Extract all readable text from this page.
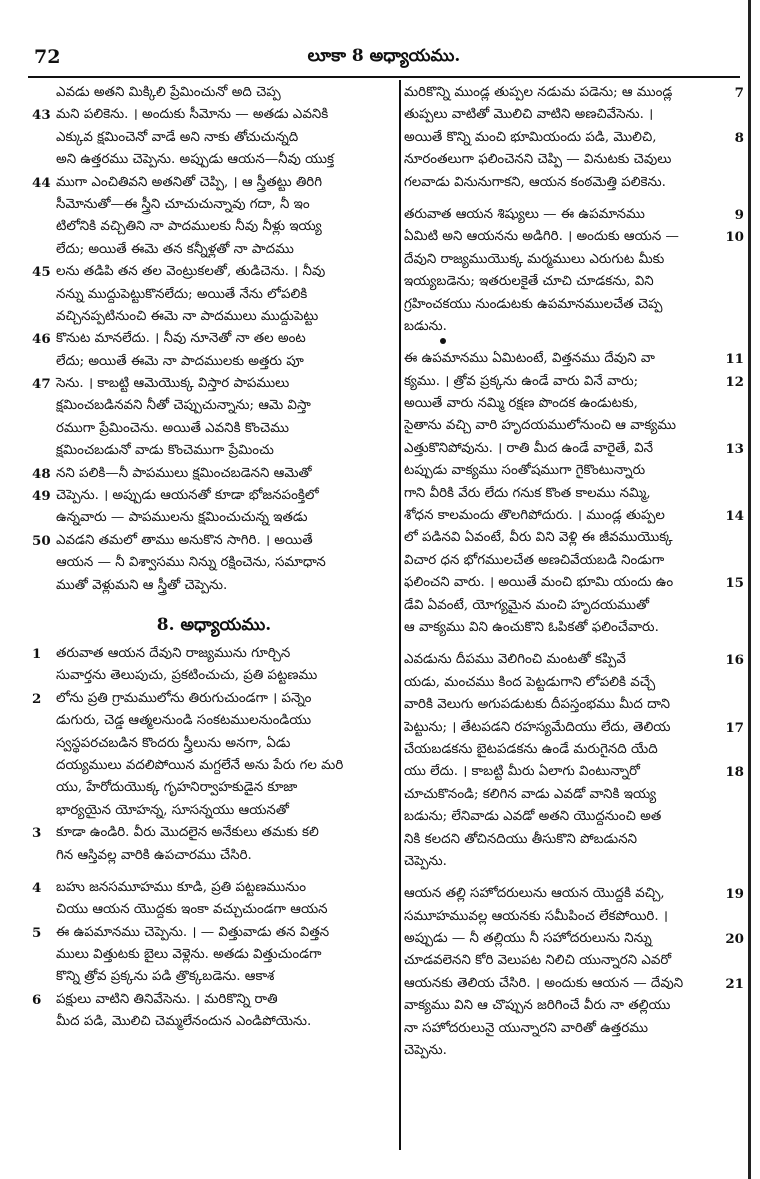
72	లూకా 8 అధ్యాయము.
ఎవడు అతని మిక్కిలి ప్రేమించునో అది చెప్ప
43 మని పలికెను. । అందుకు సీమోను — అతడు ఎవనికి
ఎక్కువ క్షమించెనో వాడే అని నాకు తోచుచున్నది
అని ఉత్తరము చెప్పెను. అప్పుడు ఆయన—నీవు యుక్త
44 ముగా ఎంచితివని అతనితో చెప్పి, । ఆ స్త్రీతట్టు తిరిగి
సీమోనుతో—ఈ స్త్రీని చూచుచున్నావు గదా, నీ ఇం
టిలోనికి వచ్చితిని నా పాదములకు నీవు నీళ్లు ఇయ్య
లేదు; అయితే ఈమె తన కన్నీళ్లతో నా పాదము
45 లను తడిపి తన తల వెంట్రుకలతో, తుడిచెను. । నీవు
నన్ను ముద్దుపెట్టుకొనలేదు; అయితే నేను లోపలికి
వచ్చినప్పటినుంచి ఈమె నా పాదములు ముద్దుపెట్టు
46 కొనుట మానలేదు. । నీవు నూనెతో నా తల అంట
లేదు; అయితే ఈమె నా పాదములకు అత్తరు పూ
47 సెను. । కాబట్టి ఆమెయొక్క విస్తార పాపములు
క్షమించబడినవని నీతో చెప్పుచున్నాను; ఆమె విస్తా
రముగా ప్రేమించెను. అయితే ఎవనికి కొంచెము
క్షమించబడునో వాడు కొంచెముగా ప్రేమించు
48 నని పలికి—నీ పాపములు క్షమించబడెనని ఆమెతో
49 చెప్పెను. । అప్పుడు ఆయనతో కూడా భోజనపంక్తిలో
ఉన్నవారు — పాపములను క్షమించుచున్న ఇతడు
50 ఎవడని తమలో తాము అనుకొన సాగిరి. । అయితే
ఆయన — నీ విశ్వాసము నిన్ను రక్షించెను, సమాధాన
ముతో వెళ్లుమని ఆ స్త్రీతో చెప్పెను.
8. అధ్యాయము.
1	తరువాత ఆయన దేవుని రాజ్యమును గూర్చిన
సువార్తను తెలుపుచు, ప్రకటించుచు, ప్రతి పట్టణము
2	లోను ప్రతి గ్రామములోను తిరుగుచుండగా । పన్నెం
డుగురు, చెడ్డ ఆత్మలనుండి సంకటములనుండియు
స్వస్థపరచబడిన కొందరు స్త్రీలును అనగా, ఏడు
దయ్యములు వదలిపోయిన మగ్దలేనే అను పేరు గల మరి
యు, హేరోదుయొక్క గృహనిర్వాహకుడైన కూజా
భార్యయైన యోహన్న, సూసన్నయు ఆయనతో
3	కూడా ఉండిరి. వీరు మొదలైన అనేకులు తమకు కలి
గిన ఆస్తివల్ల వారికి ఉపచారము చేసిరి.
4	బహు జనసమూహము కూడి, ప్రతి పట్టణమునుం
చియు ఆయన యొద్దకు ఇంకా వచ్చుచుండగా ఆయన
5	ఈ ఉపమానము చెప్పెను. । — విత్తువాడు తన విత్తన
ములు విత్తుటకు బైలు వెళ్లెను. అతడు విత్తుచుండగా
కొన్ని త్రోవ ప్రక్కను పడి త్రొక్కబడెను. ఆకాశ
6	పక్షులు వాటిని తినివేసెను. । మరికొన్ని రాతి
మీద పడి, మొలిచి చెమ్మలేనందున ఎండిపోయెను.
7
మరికొన్ని ముండ్ల తుప్పల నడుమ పడెను; ఆ ముండ్ల
తుప్పలు వాటితో మొలిచి వాటిని అణచివేసెను. ।
8
అయితే కొన్ని మంచి భూమియందు పడి, మొలిచి,
నూరంతలుగా ఫలించెనని చెప్పి — వినుటకు చెవులు
గలవాడు వినునుగాకని, ఆయన కంఠమెత్తి పలికెను.
9
తరువాత ఆయన శిష్యులు — ఈ ఉపమానము
10
ఏమిటి అని ఆయనను అడిగిరి. । అందుకు ఆయన —
దేవుని రాజ్యముయొక్క మర్మములు ఎరుగుట మీకు
ఇయ్యబడెను; ఇతరులకైతే చూచి చూడకను, విని
గ్రహించకయు నుండుటకు ఉపమానములచేత చెప్ప
బడును.
11
ఈ ఉపమానము ఏమిటంటే, విత్తనము దేవుని వా
12
క్యము. । త్రోవ ప్రక్కను ఉండే వారు వినే వారు;
అయితే వారు నమ్మి రక్షణ పొందక ఉండుటకు,
సైతాను వచ్చి వారి హృదయములోనుంచి ఆ వాక్యము
13
ఎత్తుకొనిపోవును. । రాతి మీద ఉండే వారైతే, వినే
టప్పుడు వాక్యము సంతోషముగా గైకొంటున్నారు
గాని వీరికి వేరు లేదు గనుక కొంత కాలము నమ్మి,
14
శోధన కాలమందు తొలగిపోదురు. । ముండ్ల తుప్పల
లో పడినవి ఏవంటే, వీరు విని వెళ్లి ఈ జీవముయొక్క
విచార ధన భోగములచేత అణచివేయబడి నిండుగా
15
ఫలించని వారు. । అయితే మంచి భూమి యందు ఉం
డేవి ఏవంటే, యోగ్యమైన మంచి హృదయముతో
ఆ వాక్యము విని ఉంచుకొని ఓపికతో ఫలించేవారు.
16
ఎవడును దీపము వెలిగించి మంటతో కప్పివే
యడు, మంచము కింద పెట్టడుగాని లోపలికి వచ్చే
వారికి వెలుగు అగుపడుటకు దీపస్తంభము మీద దాని
17
పెట్టును; । తేటపడని రహస్యమేదియు లేదు, తెలియ
చేయబడకను బైటపడకను ఉండే మరుగైనది యేది
18
యు లేదు. । కాబట్టి మీరు ఏలాగు వింటున్నారో
చూచుకొనండి; కలిగిన వాడు ఎవడో వానికి ఇయ్య
బడును; లేనివాడు ఎవడో అతని యొద్దనుంచి అత
నికి కలదని తోచినదియు తీసుకొని పోబడునని
చెప్పెను.
19
ఆయన తల్లి సహోదరులును ఆయన యొద్దకి వచ్చి,
సమూహమువల్ల ఆయనకు సమీపించ లేకపోయిరి. ।
20
అప్పుడు — నీ తల్లియు నీ సహోదరులును నిన్ను
చూడవలెనని కోరి వెలుపట నిలిచి యున్నారని ఎవరో
21
ఆయనకు తెలియ చేసిరి. । అందుకు ఆయన — దేవుని
వాక్యము విని ఆ చొప్పున జరిగించే వీరు నా తల్లియు
నా సహోదరులునై యున్నారని వారితో ఉత్తరము
చెప్పెను.
